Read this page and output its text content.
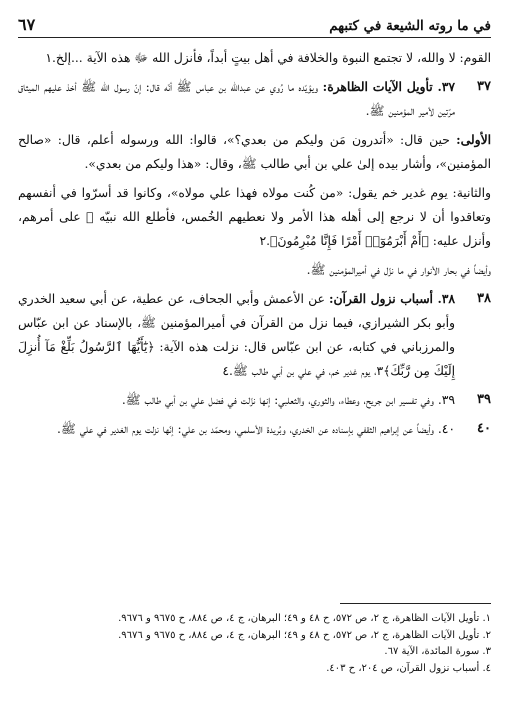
في ما روته الشيعة في كتبهم
٦٧

القوم: لا والله، لا تجتمع النبوة والخلافة في أهل بيتٍ أبداً، فأنزل الله ﷻ هذه الآية ...إلخ.١

٣٧
٣٧. تأويل الآيات الظاهرة: ويؤيّده ما رُوي عن عبدالله بن عباس ﷺ أنّه قال: إنّ رسول الله ﷺ أخذ عليهم الميثاق مرّتين لأمير المؤمنين ﷺ.

الأولى: حين قال: «أتدرون مَن وليكم من بعدي؟»، قالوا: الله ورسوله أعلم، قال: «صالح المؤمنين»، وأشار بيده إلىٰ علي بن أبي طالب ﷺ، وقال: «هذا وليكم من بعدي».

والثانية: يوم غدير خم يقول: «من كُنت مولاه فهذا علي مولاه»، وكانوا قد أسرّوا في أنفسهم وتعاقدوا أن لا نرجع إلى أهله هذا الأمر ولا نعطيهم الخُمس، فأطلع الله نبيّه ﷺ على أمرهم، وأنزل عليه: ﴿أَمْ أَبْرَمُوٓا۟ أَمْرًا فَإِنَّا مُبْرِمُونَ﴾.٢

وأيضاً في بحار الأنوار في ما نزّل في أميرالمؤمنين ﷺ.

٣٨
٣٨. أسباب نزول القرآن: عن الأعمش وأبي الجحاف، عن عطية، عن أبي سعيد الخدري وأبو بكر الشيرازي، فيما نزل من القرآن في أميرالمؤمنين ﷺ، بالإسناد عن ابن عبّاس والمرزباني في كتابه، عن ابن عبّاس قال: نزلت هذه الآية: ﴿يَٰٓأَيُّهَا ٱلرَّسُولُ بَلِّغْ مَآ أُنزِلَ إِلَيْكَ مِن رَّبِّكَ﴾٣، يوم غدير خم، في علي بن أبي طالب ﷺ.٤

٣٩
٣٩. وفي تفسير ابن جريح، وعطاء، والثوري، والثعلبي: إنها نزّلت في فضل علي بن أبي طالب ﷺ.

٤٠
٤٠. وأيضاً عن إبراهيم الثقفي بإسناده عن الخدري، وبُريدة الأسلمي، ومحمّد بن علي: إنّها نزلت يوم الغدير في علي ﷺ.

١. تأويل الآيات الظاهرة، ج ٢، ص ٥٧٢، ح ٤٨ و ٤٩؛ البرهان، ج ٤، ص ٨٨٤، ح ٩٦٧٥ و ٩٦٧٦.
٢. تأويل الآيات الظاهرة، ج ٢، ص ٥٧٢، ح ٤٨ و ٤٩؛ البرهان، ج ٤، ص ٨٨٤، ح ٩٦٧٥ و ٩٦٧٦.
٣. سورة المائدة، الآية ٦٧.
٤. أسباب نزول القرآن، ص ٢٠٤، ح ٤٠٣.
